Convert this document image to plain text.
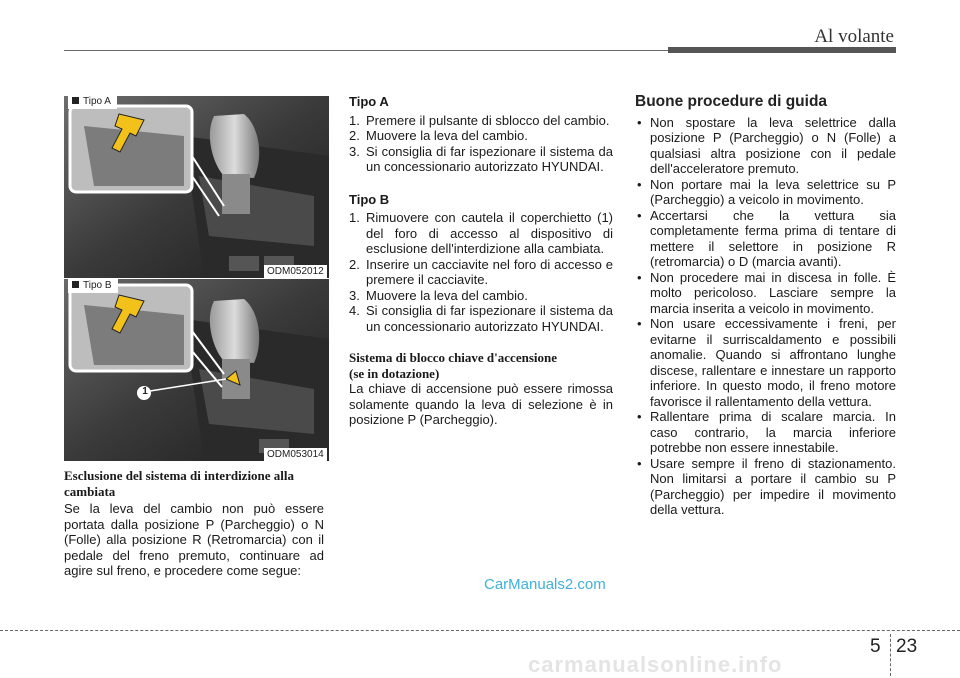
Al volante
Tipo A
ODM052012
1
Tipo B
ODM053014

Esclusione del sistema di interdizione alla cambiata

Se la leva del cambio non può essere portata dalla posizione P (Parcheggio) o N (Folle) alla posizione R (Retromarcia) con il pedale del freno premuto, continuare ad agire sul freno, e procedere come segue:

Tipo A

1. Premere il pulsante di sblocco del cambio.
2. Muovere la leva del cambio.
3. Si consiglia di far ispezionare il sistema da un concessionario autorizzato HYUNDAI.

Tipo B

1. Rimuovere con cautela il coperchietto (1) del foro di accesso al dispositivo di esclusione dell'interdizione alla cambiata.
2. Inserire un cacciavite nel foro di accesso e premere il cacciavite.
3. Muovere la leva del cambio.
4. Si consiglia di far ispezionare il sistema da un concessionario autorizzato HYUNDAI.

Sistema di blocco chiave d'accensione

(se in dotazione)

La chiave di accensione può essere rimossa solamente quando la leva di selezione è in posizione P (Parcheggio).

Buone procedure di guida

• Non spostare la leva selettrice dalla posizione P (Parcheggio) o N (Folle) a qualsiasi altra posizione con il pedale dell'acceleratore premuto.
• Non portare mai la leva selettrice su P (Parcheggio) a veicolo in movimento.
• Accertarsi che la vettura sia completamente ferma prima di tentare di mettere il selettore in posizione R (retromarcia) o D (marcia avanti).
• Non procedere mai in discesa in folle. È molto pericoloso. Lasciare sempre la marcia inserita a veicolo in movimento.
• Non usare eccessivamente i freni, per evitarne il surriscaldamento e possibili anomalie. Quando si affrontano lunghe discese, rallentare e innestare un rapporto inferiore. In questo modo, il freno motore favorisce il rallentamento della vettura.
• Rallentare prima di scalare marcia. In caso contrario, la marcia inferiore potrebbe non essere innestabile.
• Usare sempre il freno di stazionamento. Non limitarsi a portare il cambio su P (Parcheggio) per impedire il movimento della vettura.
CarManuals2.com
5 23
carmanualsonline.info
